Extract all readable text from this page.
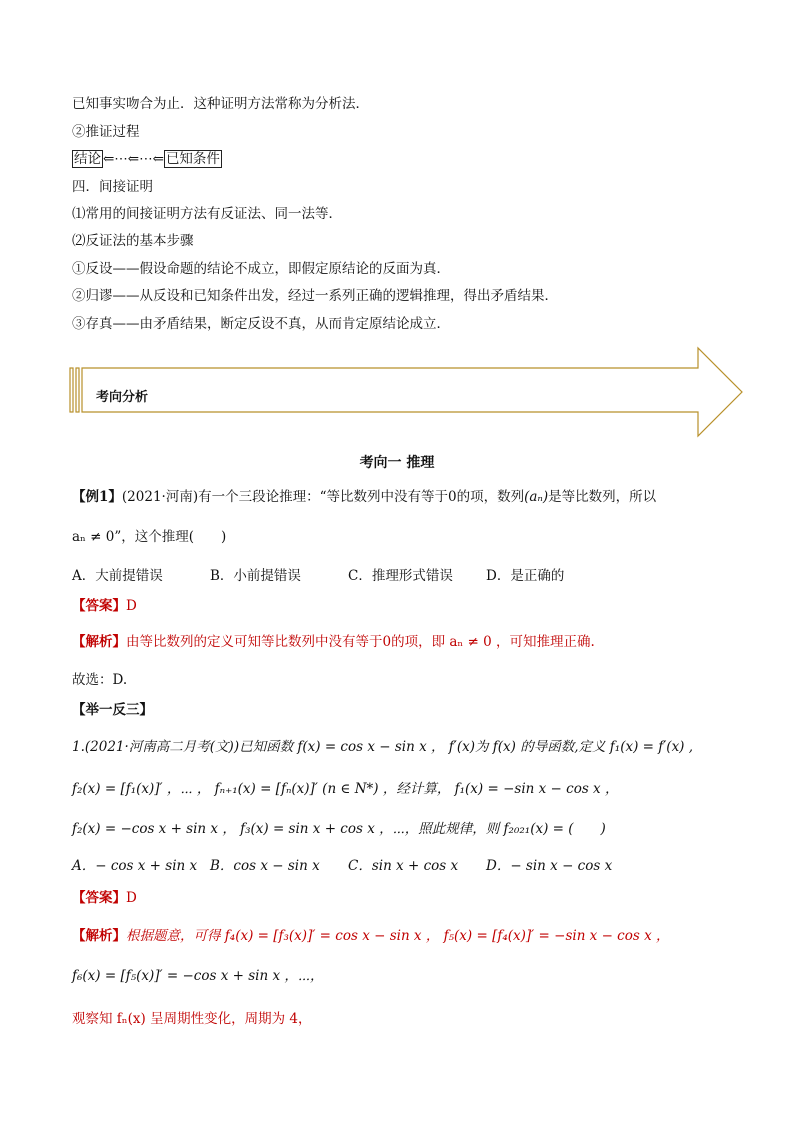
已知事实吻合为止．这种证明方法常称为分析法．
②推证过程
结论 ⇐⋯⇐⋯⇐ 已知条件
四．间接证明
⑴常用的间接证明方法有反证法、同一法等．
⑵反证法的基本步骤
①反设——假设命题的结论不成立，即假定原结论的反面为真．
②归谬——从反设和已知条件出发，经过一系列正确的逻辑推理，得出矛盾结果．
③存真——由矛盾结果，断定反设不真，从而肯定原结论成立．
考向分析
考向一 推理
【例1】(2021·河南)有一个三段论推理：“等比数列中没有等于0的项，数列(aₙ)是等比数列，所以
aₙ ≠ 0”，这个推理(　　)
A．大前提错误	B．小前提错误	C．推理形式错误 D．是正确的
【答案】D
【解析】由等比数列的定义可知等比数列中没有等于0的项，即 aₙ ≠ 0 ，可知推理正确.
故选：D.
【举一反三】
1.(2021·河南高二月考(文))已知函数 f(x) = cos x − sin x ， f′(x)为 f(x) 的导函数,定义 f₁(x) = f′(x) ,
f₂(x) = [f₁(x)]′ ，⋯ ， fₙ₊₁(x) = [fₙ(x)]′ (n ∈ N*) ，经计算， f₁(x) = −sin x − cos x ，
f₂(x) = −cos x + sin x ， f₃(x) = sin x + cos x ，⋯，照此规律，则 f₂₀₂₁(x) = (　　)
A．− cos x + sin x B．cos x − sin x C．sin x + cos x D．− sin x − cos x
【答案】D
【解析】根据题意，可得 f₄(x) = [f₃(x)]′ = cos x − sin x ， f₅(x) = [f₄(x)]′ = −sin x − cos x ，
f₆(x) = [f₅(x)]′ = −cos x + sin x ，⋯，
观察知 fₙ(x) 呈周期性变化，周期为 4，
